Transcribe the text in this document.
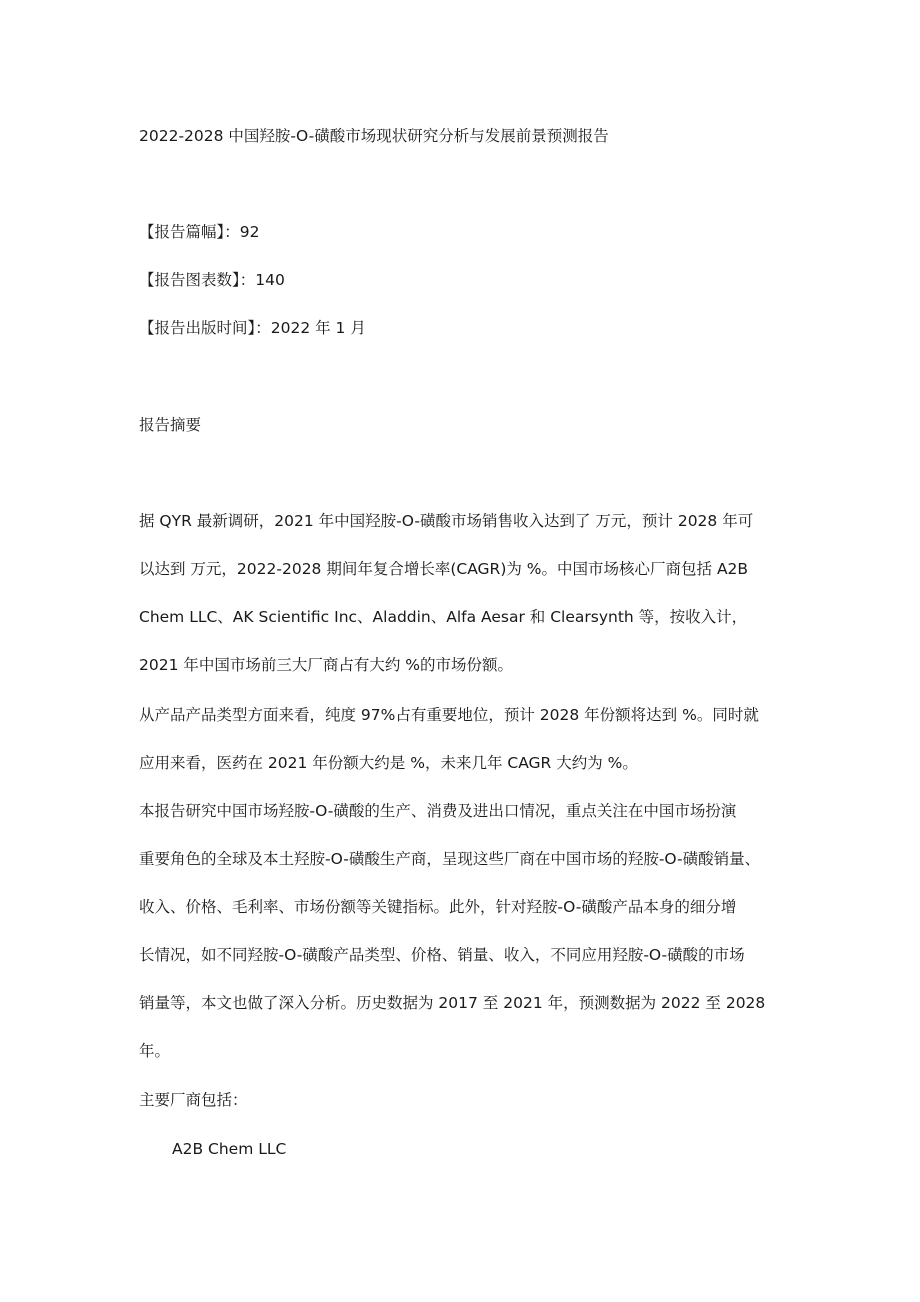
2022-2028 中国羟胺-O-磺酸市场现状研究分析与发展前景预测报告
【报告篇幅】：92
【报告图表数】：140
【报告出版时间】：2022 年 1 月
报告摘要
据 QYR 最新调研，2021 年中国羟胺-O-磺酸市场销售收入达到了 万元，预计 2028 年可
以达到 万元，2022-2028 期间年复合增长率(CAGR)为 %。中国市场核心厂商包括 A2B
Chem LLC、AK Scientific Inc、Aladdin、Alfa Aesar 和 Clearsynth 等，按收入计，
2021 年中国市场前三大厂商占有大约 %的市场份额。
从产品产品类型方面来看，纯度 97%占有重要地位，预计 2028 年份额将达到 %。同时就
应用来看，医药在 2021 年份额大约是 %，未来几年 CAGR 大约为 %。
本报告研究中国市场羟胺-O-磺酸的生产、消费及进出口情况，重点关注在中国市场扮演
重要角色的全球及本土羟胺-O-磺酸生产商，呈现这些厂商在中国市场的羟胺-O-磺酸销量、
收入、价格、毛利率、市场份额等关键指标。此外，针对羟胺-O-磺酸产品本身的细分增
长情况，如不同羟胺-O-磺酸产品类型、价格、销量、收入，不同应用羟胺-O-磺酸的市场
销量等，本文也做了深入分析。历史数据为 2017 至 2021 年，预测数据为 2022 至 2028
年。
主要厂商包括：
A2B Chem LLC
